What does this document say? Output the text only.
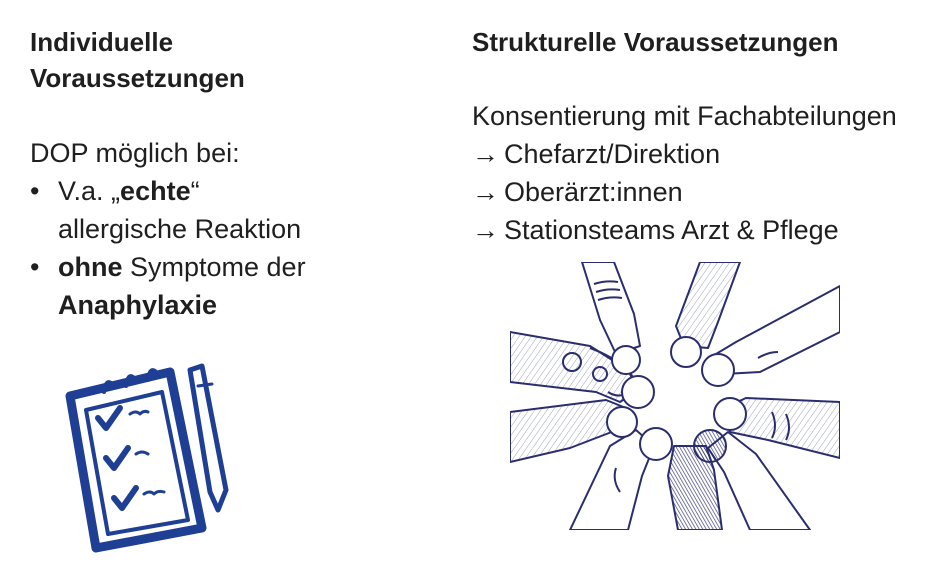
Individuelle
Voraussetzungen
DOP möglich bei:
• V.a. „echte“
allergische Reaktion
• ohne Symptome der
Anaphylaxie
Strukturelle Voraussetzungen
Konsentierung mit Fachabteilungen
→ Chefarzt/Direktion
→ Oberärzt:innen
→ Stationsteams Arzt & Pflege
